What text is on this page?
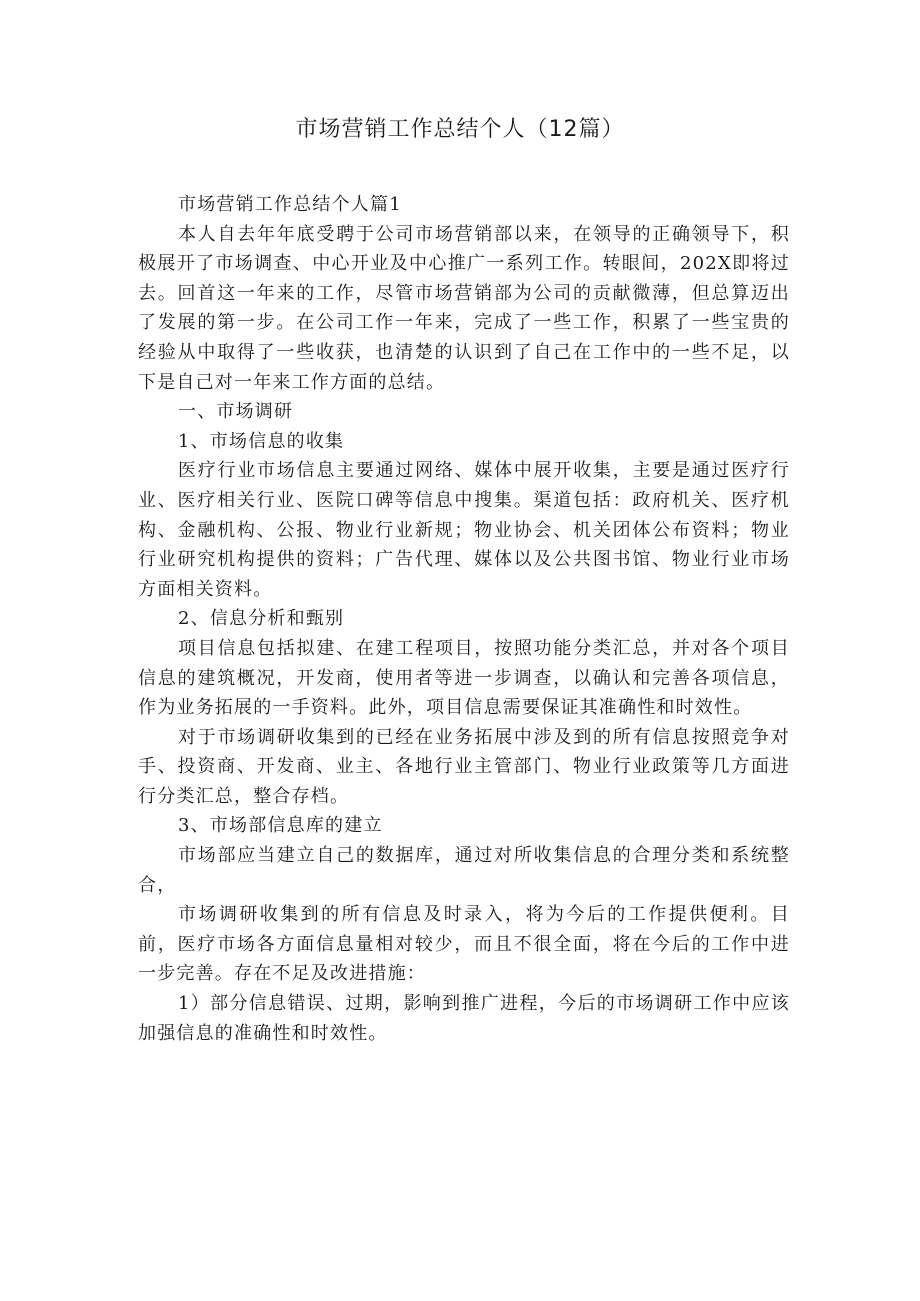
市场营销工作总结个人（12篇）

市场营销工作总结个人篇1

本人自去年年底受聘于公司市场营销部以来，在领导的正确领导下，积极展开了市场调查、中心开业及中心推广一系列工作。转眼间，202X即将过去。回首这一年来的工作，尽管市场营销部为公司的贡献微薄，但总算迈出了发展的第一步。在公司工作一年来，完成了一些工作，积累了一些宝贵的经验从中取得了一些收获，也清楚的认识到了自己在工作中的一些不足，以下是自己对一年来工作方面的总结。

一、市场调研

1、市场信息的收集

医疗行业市场信息主要通过网络、媒体中展开收集，主要是通过医疗行业、医疗相关行业、医院口碑等信息中搜集。渠道包括：政府机关、医疗机构、金融机构、公报、物业行业新规；物业协会、机关团体公布资料；物业行业研究机构提供的资料；广告代理、媒体以及公共图书馆、物业行业市场方面相关资料。

2、信息分析和甄别

项目信息包括拟建、在建工程项目，按照功能分类汇总，并对各个项目信息的建筑概况，开发商，使用者等进一步调查，以确认和完善各项信息，作为业务拓展的一手资料。此外，项目信息需要保证其准确性和时效性。

对于市场调研收集到的已经在业务拓展中涉及到的所有信息按照竞争对手、投资商、开发商、业主、各地行业主管部门、物业行业政策等几方面进行分类汇总，整合存档。

3、市场部信息库的建立

市场部应当建立自己的数据库，通过对所收集信息的合理分类和系统整合，

市场调研收集到的所有信息及时录入，将为今后的工作提供便利。目前，医疗市场各方面信息量相对较少，而且不很全面，将在今后的工作中进一步完善。存在不足及改进措施：

1）部分信息错误、过期，影响到推广进程，今后的市场调研工作中应该加强信息的准确性和时效性。
